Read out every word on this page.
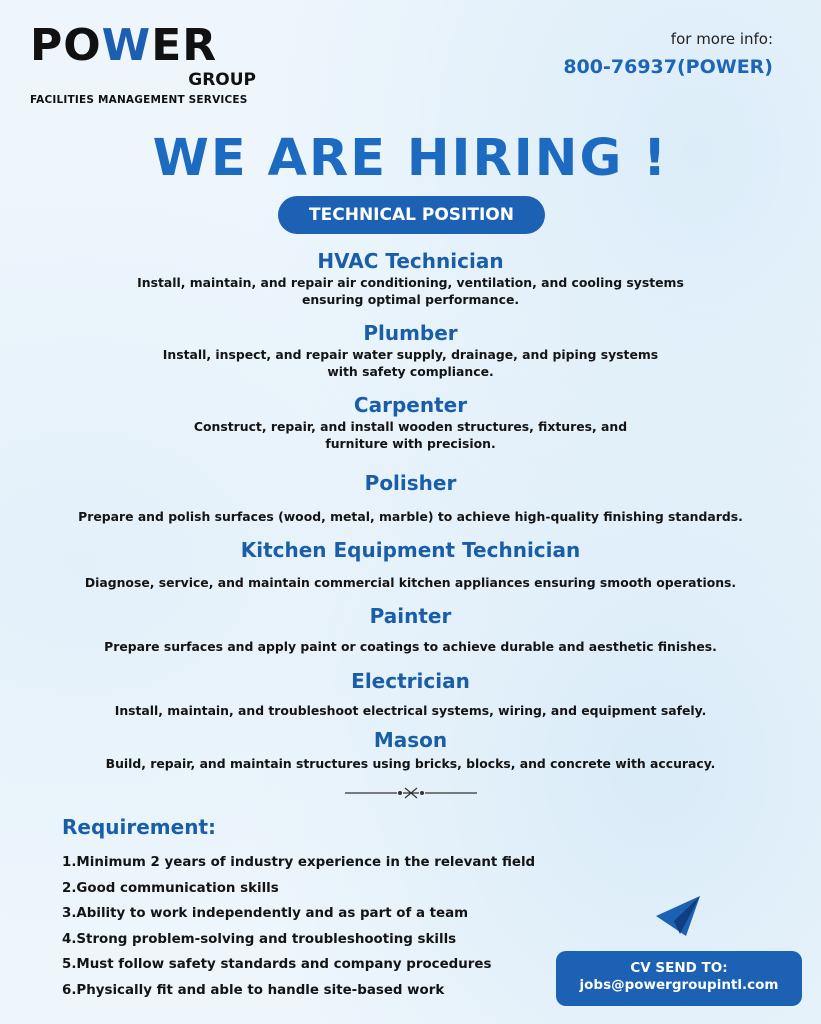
POWER
GROUP
FACILITIES MANAGEMENT SERVICES
for more info:
800-76937(POWER)
WE ARE HIRING !
TECHNICAL POSITION
HVAC Technician
Install, maintain, and repair air conditioning, ventilation, and cooling systems ensuring optimal performance.
Plumber
Install, inspect, and repair water supply, drainage, and piping systems with safety compliance.
Carpenter
Construct, repair, and install wooden structures, fixtures, and furniture with precision.
Polisher
Prepare and polish surfaces (wood, metal, marble) to achieve high-quality finishing standards.
Kitchen Equipment Technician
Diagnose, service, and maintain commercial kitchen appliances ensuring smooth operations.
Painter
Prepare surfaces and apply paint or coatings to achieve durable and aesthetic finishes.
Electrician
Install, maintain, and troubleshoot electrical systems, wiring, and equipment safely.
Mason
Build, repair, and maintain structures using bricks, blocks, and concrete with accuracy.
Requirement:
1.Minimum 2 years of industry experience in the relevant field
2.Good communication skills
3.Ability to work independently and as part of a team
4.Strong problem-solving and troubleshooting skills
5.Must follow safety standards and company procedures
6.Physically fit and able to handle site-based work
CV SEND TO:
jobs@powergroupintl.com
